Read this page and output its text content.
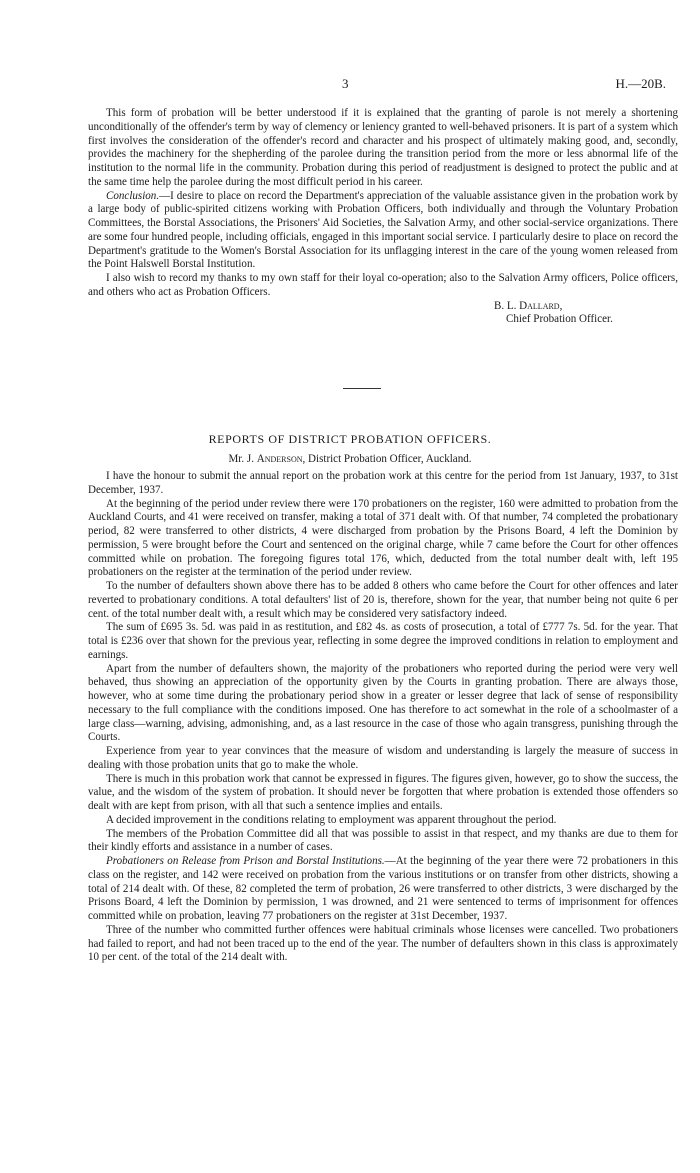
3	H.—20B.

This form of probation will be better understood if it is explained that the granting of parole is not merely a shortening unconditionally of the offender's term by way of clemency or leniency granted to well-behaved prisoners. It is part of a system which first involves the consideration of the offender's record and character and his prospect of ultimately making good, and, secondly, provides the machinery for the shepherding of the parolee during the transition period from the more or less abnormal life of the institution to the normal life in the community. Probation during this period of readjustment is designed to protect the public and at the same time help the parolee during the most difficult period in his career.

Conclusion.—I desire to place on record the Department's appreciation of the valuable assistance given in the probation work by a large body of public-spirited citizens working with Probation Officers, both individually and through the Voluntary Probation Committees, the Borstal Associations, the Prisoners' Aid Societies, the Salvation Army, and other social-service organizations. There are some four hundred people, including officials, engaged in this important social service. I particularly desire to place on record the Department's gratitude to the Women's Borstal Association for its unflagging interest in the care of the young women released from the Point Halswell Borstal Institution.

I also wish to record my thanks to my own staff for their loyal co-operation; also to the Salvation Army officers, Police officers, and others who act as Probation Officers.

B. L. Dallard,
Chief Probation Officer.
REPORTS OF DISTRICT PROBATION OFFICERS.
Mr. J. Anderson, District Probation Officer, Auckland.

I have the honour to submit the annual report on the probation work at this centre for the period from 1st January, 1937, to 31st December, 1937.

At the beginning of the period under review there were 170 probationers on the register, 160 were admitted to probation from the Auckland Courts, and 41 were received on transfer, making a total of 371 dealt with. Of that number, 74 completed the probationary period, 82 were transferred to other districts, 4 were discharged from probation by the Prisons Board, 4 left the Dominion by permission, 5 were brought before the Court and sentenced on the original charge, while 7 came before the Court for other offences committed while on probation. The foregoing figures total 176, which, deducted from the total number dealt with, left 195 probationers on the register at the termination of the period under review.

To the number of defaulters shown above there has to be added 8 others who came before the Court for other offences and later reverted to probationary conditions. A total defaulters' list of 20 is, therefore, shown for the year, that number being not quite 6 per cent. of the total number dealt with, a result which may be considered very satisfactory indeed.

The sum of £695 3s. 5d. was paid in as restitution, and £82 4s. as costs of prosecution, a total of £777 7s. 5d. for the year. That total is £236 over that shown for the previous year, reflecting in some degree the improved conditions in relation to employment and earnings.

Apart from the number of defaulters shown, the majority of the probationers who reported during the period were very well behaved, thus showing an appreciation of the opportunity given by the Courts in granting probation. There are always those, however, who at some time during the probationary period show in a greater or lesser degree that lack of sense of responsibility necessary to the full compliance with the conditions imposed. One has therefore to act somewhat in the role of a schoolmaster of a large class—warning, advising, admonishing, and, as a last resource in the case of those who again transgress, punishing through the Courts.

Experience from year to year convinces that the measure of wisdom and understanding is largely the measure of success in dealing with those probation units that go to make the whole.

There is much in this probation work that cannot be expressed in figures. The figures given, however, go to show the success, the value, and the wisdom of the system of probation. It should never be forgotten that where probation is extended those offenders so dealt with are kept from prison, with all that such a sentence implies and entails.

A decided improvement in the conditions relating to employment was apparent throughout the period.

The members of the Probation Committee did all that was possible to assist in that respect, and my thanks are due to them for their kindly efforts and assistance in a number of cases.

Probationers on Release from Prison and Borstal Institutions.—At the beginning of the year there were 72 probationers in this class on the register, and 142 were received on probation from the various institutions or on transfer from other districts, showing a total of 214 dealt with. Of these, 82 completed the term of probation, 26 were transferred to other districts, 3 were discharged by the Prisons Board, 4 left the Dominion by permission, 1 was drowned, and 21 were sentenced to terms of imprisonment for offences committed while on probation, leaving 77 probationers on the register at 31st December, 1937.

Three of the number who committed further offences were habitual criminals whose licenses were cancelled. Two probationers had failed to report, and had not been traced up to the end of the year. The number of defaulters shown in this class is approximately 10 per cent. of the total of the 214 dealt with.
